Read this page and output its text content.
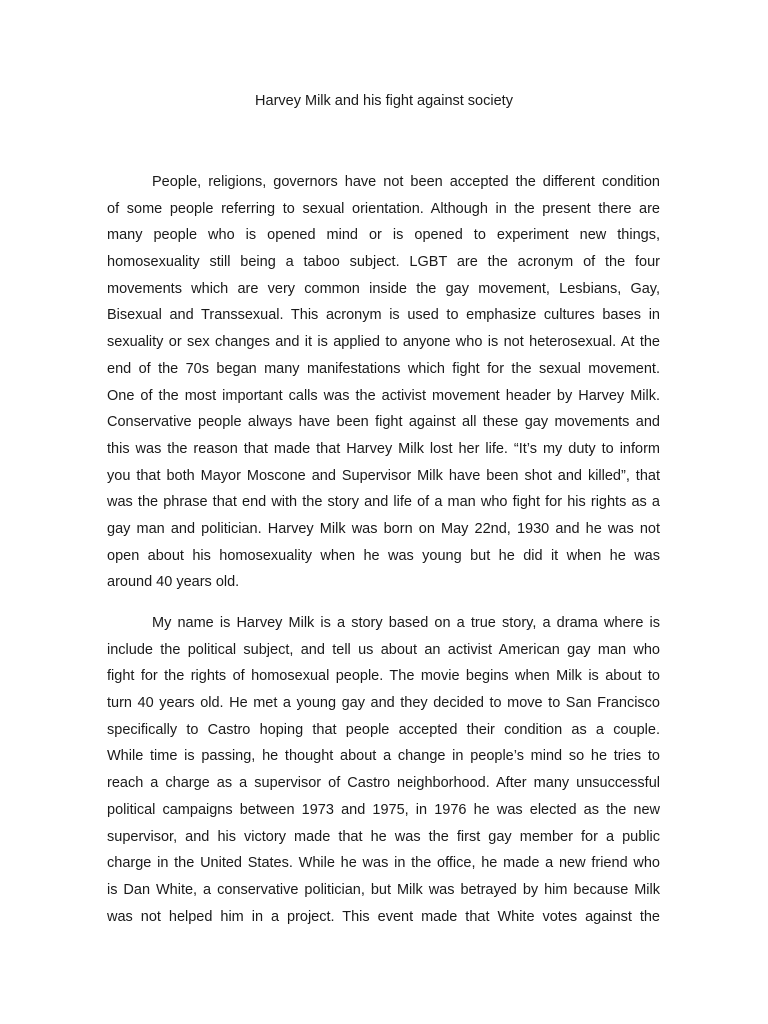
Harvey Milk and his fight against society
People, religions, governors have not been accepted the different condition
of some people referring to sexual orientation. Although in the present there are
many people who is opened mind or is opened to experiment new things,
homosexuality still being a taboo subject. LGBT are the acronym of the four
movements which are very common inside the gay movement, Lesbians, Gay,
Bisexual and Transsexual. This acronym is used to emphasize cultures bases in
sexuality or sex changes and it is applied to anyone who is not heterosexual. At the
end of the 70s began many manifestations which fight for the sexual movement.
One of the most important calls was the activist movement header by Harvey Milk.
Conservative people always have been fight against all these gay movements and
this was the reason that made that Harvey Milk lost her life. “It’s my duty to inform
you that both Mayor Moscone and Supervisor Milk have been shot and killed”, that
was the phrase that end with the story and life of a man who fight for his rights as a
gay man and politician. Harvey Milk was born on May 22nd, 1930 and he was not
open about his homosexuality when he was young but he did it when he was
around 40 years old.
My name is Harvey Milk is a story based on a true story, a drama where is
include the political subject, and tell us about an activist American gay man who
fight for the rights of homosexual people. The movie begins when Milk is about to
turn 40 years old. He met a young gay and they decided to move to San Francisco
specifically to Castro hoping that people accepted their condition as a couple.
While time is passing, he thought about a change in people’s mind so he tries to
reach a charge as a supervisor of Castro neighborhood. After many unsuccessful
political campaigns between 1973 and 1975, in 1976 he was elected as the new
supervisor, and his victory made that he was the first gay member for a public
charge in the United States. While he was in the office, he made a new friend who
is Dan White, a conservative politician, but Milk was betrayed by him because Milk
was not helped him in a project. This event made that White votes against the
